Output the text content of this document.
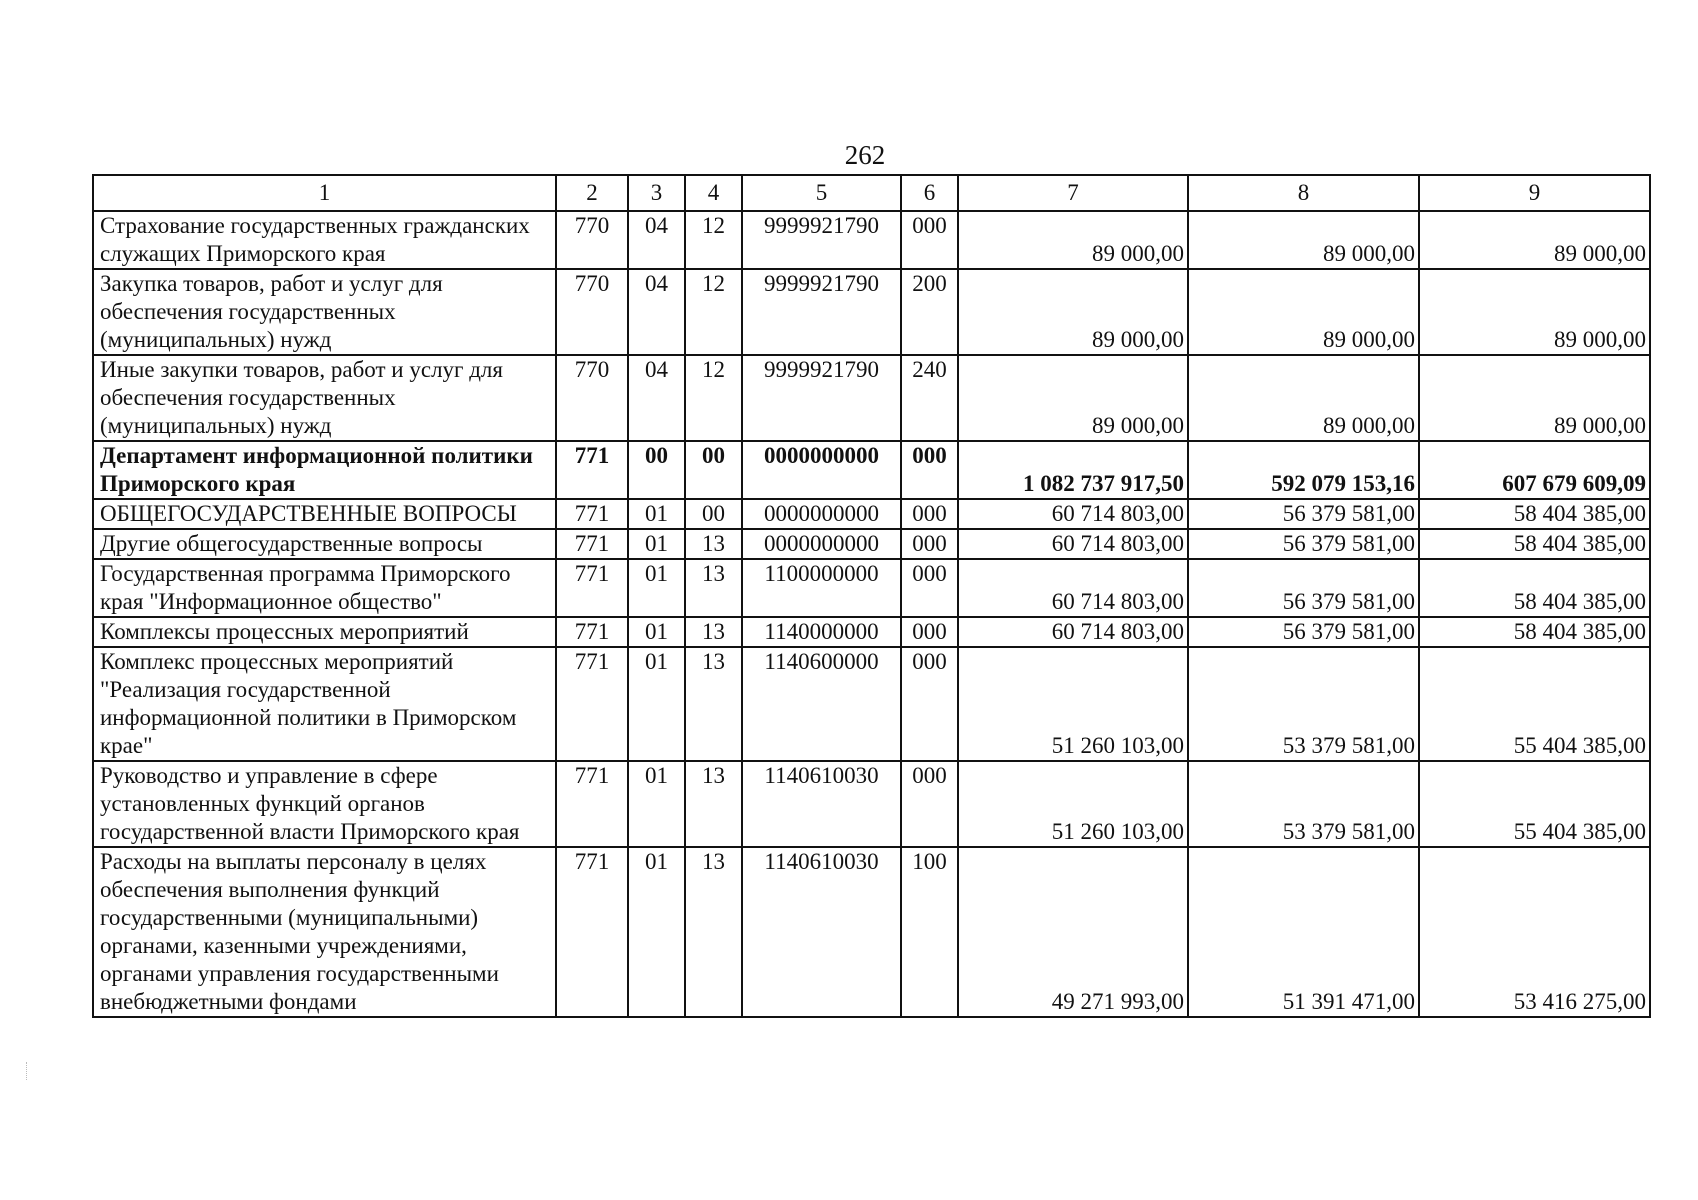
262
1	2	3	4	5	6	7	8	9
Страхование государственных гражданских служащих Приморского края	770	04	12	9999921790	000	89 000,00	89 000,00	89 000,00
Закупка товаров, работ и услуг для обеспечения государственных (муниципальных) нужд	770	04	12	9999921790	200	89 000,00	89 000,00	89 000,00
Иные закупки товаров, работ и услуг для обеспечения государственных (муниципальных) нужд	770	04	12	9999921790	240	89 000,00	89 000,00	89 000,00
Департамент информационной политики Приморского края	771	00	00	0000000000	000	1 082 737 917,50	592 079 153,16	607 679 609,09
ОБЩЕГОСУДАРСТВЕННЫЕ ВОПРОСЫ	771	01	00	0000000000	000	60 714 803,00	56 379 581,00	58 404 385,00
Другие общегосударственные вопросы	771	01	13	0000000000	000	60 714 803,00	56 379 581,00	58 404 385,00
Государственная программа Приморского края "Информационное общество"	771	01	13	1100000000	000	60 714 803,00	56 379 581,00	58 404 385,00
Комплексы процессных мероприятий	771	01	13	1140000000	000	60 714 803,00	56 379 581,00	58 404 385,00
Комплекс процессных мероприятий "Реализация государственной информационной политики в Приморском крае"	771	01	13	1140600000	000	51 260 103,00	53 379 581,00	55 404 385,00
Руководство и управление в сфере установленных функций органов государственной власти Приморского края	771	01	13	1140610030	000	51 260 103,00	53 379 581,00	55 404 385,00
Расходы на выплаты персоналу в целях обеспечения выполнения функций государственными (муниципальными) органами, казенными учреждениями, органами управления государственными внебюджетными фондами	771	01	13	1140610030	100	49 271 993,00	51 391 471,00	53 416 275,00
